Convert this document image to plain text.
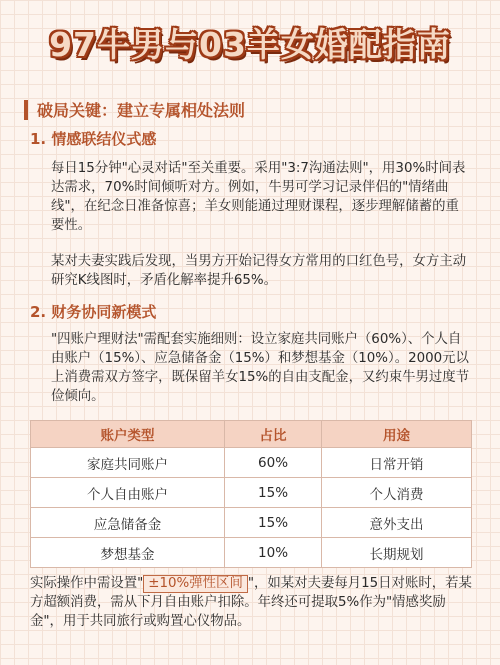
97牛男与03羊女婚配指南
破局关键：建立专属相处法则
1. 情感联结仪式感
每日15分钟"心灵对话"至关重要。采用"3:7沟通法则"，用30%时间表达需求，70%时间倾听对方。例如，牛男可学习记录伴侣的"情绪曲线"，在纪念日准备惊喜；羊女则能通过理财课程，逐步理解储蓄的重要性。
某对夫妻实践后发现，当男方开始记得女方常用的口红色号，女方主动研究K线图时，矛盾化解率提升65%。
2. 财务协同新模式
"四账户理财法"需配套实施细则：设立家庭共同账户（60%）、个人自由账户（15%）、应急储备金（15%）和梦想基金（10%）。2000元以上消费需双方签字，既保留羊女15%的自由支配金，又约束牛男过度节俭倾向。
账户类型	占比	用途
家庭共同账户	60%	日常开销
个人自由账户	15%	个人消费
应急储备金	15%	意外支出
梦想基金	10%	长期规划
实际操作中需设置" ±10%弹性区间 "，如某对夫妻每月15日对账时，若某方超额消费，需从下月自由账户扣除。年终还可提取5%作为"情感奖励金"，用于共同旅行或购置心仪物品。
